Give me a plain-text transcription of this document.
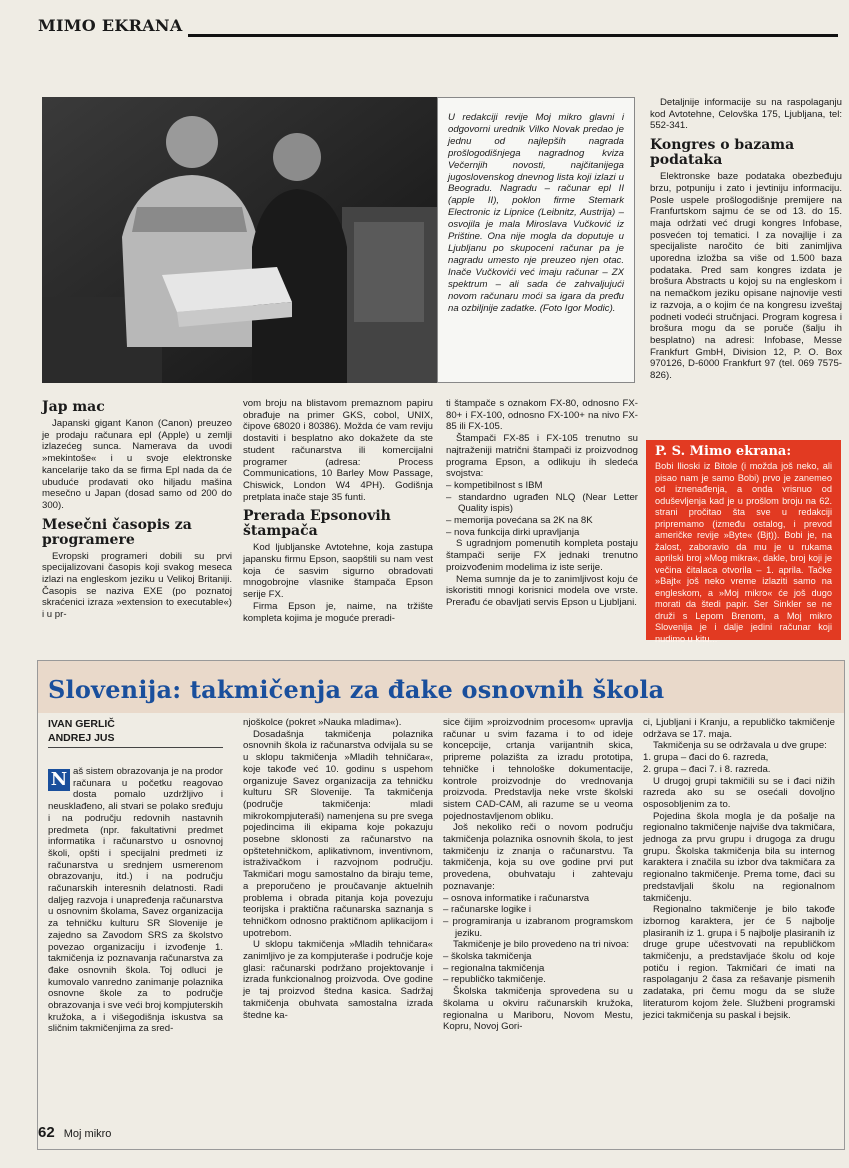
MIMO EKRANA
U redakciji revije Moj mikro glavni i odgovorni urednik Vilko Novak predao je jednu od najlepših nagrada prošlogodišnjega nagradnog kviza Večernjih novosti, najčitanijega jugoslovenskog dnevnog lista koji izlazi u Beogradu. Nagradu – računar epl II (apple II), poklon firme Stemark Electronic iz Lipnice (Leibnitz, Austrija) – osvojila je mala Miroslava Vučković iz Prištine. Ona nije mogla da doputuje u Ljubljanu po skupoceni računar pa je nagradu umesto nje preuzeo njen otac. Inače Vučkovići već imaju računar – ZX spektrum – ali sada će zahvaljujući novom računaru moći sa igara da pređu na ozbiljnije zadatke. (Foto Igor Modic).

Detaljnije informacije su na raspolaganju kod Avtotehne, Celovška 175, Ljubljana, tel: 552-341.

Kongres o bazama podataka

Elektronske baze podataka obezbeđuju brzu, potpuniju i zato i jevtiniju informaciju. Posle uspele prošlogodišnje premijere na Franfurtskom sajmu će se od 13. do 15. maja održati već drugi kongres Infobase, posvećen toj tematici. I za novajlije i za specijaliste naročito će biti zanimljiva uporedna izložba sa više od 1.500 baza podataka. Pred sam kongres izdata je brošura Abstracts u kojoj su na engleskom i na nemačkom jeziku opisane najnovije vesti iz razvoja, a o kojim će na kongresu izveštaj podneti vodeći stručnjaci. Program kogresa i brošura mogu da se poruče (šalju ih besplatno) na adresi: Infobase, Messe Frankfurt GmbH, Division 12, P. O. Box 970126, D-6000 Frankfurt 97 (tel. 069 7575-826).

Jap mac

Japanski gigant Kanon (Canon) preuzeo je prodaju računara epl (Apple) u zemlji izlazećeg sunca. Namerava da uvodi »mekintoše« i u svoje elektronske kancelarije tako da se firma Epl nada da će ubuduće prodavati oko hiljadu mašina mesečno u Japan (dosad samo od 200 do 300).

Mesečni časopis za programere

Evropski programeri dobili su prvi specijalizovani časopis koji svakog meseca izlazi na engleskom jeziku u Velikoj Britaniji. Časopis se naziva EXE (po poznatoj skraćenici izraza »extension to executable«) i u pr-

vom broju na blistavom premaznom papiru obrađuje na primer GKS, cobol, UNIX, čipove 68020 i 80386). Možda će vam reviju dostaviti i besplatno ako dokažete da ste student računarstva ili komercijalni programer (adresa: Process Communications, 10 Barley Mow Passage, Chiswick, London W4 4PH). Godišnja pretplata inače staje 35 funti.

Prerada Epsonovih štampača

Kod ljubljanske Avtotehne, koja zastupa japansku firmu Epson, saopštili su nam vest koja će sasvim sigurno obradovati mnogobrojne vlasnike štampača Epson serije FX.

Firma Epson je, naime, na tržište kompleta kojima je moguće preradi-

ti štampače s oznakom FX-80, odnosno FX-80+ i FX-100, odnosno FX-100+ na nivo FX-85 ili FX-105.

Štampači FX-85 i FX-105 trenutno su najtraženiji matrični štampači iz proizvodnog programa Epson, a odlikuju ih sledeća svojstva:

– kompetibilnost s IBM
– standardno ugrađen NLQ (Near Letter Quality ispis)
– memorija povećana sa 2K na 8K
– nova funkcija dirki upravljanja

S ugradnjom pomenutih kompleta postaju štampači serije FX jednaki trenutno proizvođenim modelima iz iste serije.

Nema sumnje da je to zanimljivost koju će iskoristiti mnogi korisnici modela ove vrste. Prerađu će obavljati servis Epson u Ljubljani.

P. S. Mimo ekrana:

Bobi Ilioski iz Bitole (i možda još neko, ali pisao nam je samo Bobi) prvo je zanemeo od iznenađenja, a onda vrisnuo od oduševljenja kad je u prošlom broju na 62. strani pročitao šta sve u redakciji pripremamo (između ostalog, i prevod američke revije »Byte« (Bjt)). Bobi je, na žalost, zaboravio da mu je u rukama aprilski broj »Mog mikra«, dakle, broj koji je večina čitalaca otvorila – 1. aprila. Tačke »Bajt« još neko vreme izlaziti samo na engleskom, a »Moj mikro« će još dugo morati da štedi papir. Ser Sinkler se ne druži s Lepom Brenom, a Moj mikro Slovenija je i dalje jedini računar koji nudimo u kitu...

Slovenija: takmičenja za đake osnovnih škola
IVAN GERLIČ
ANDREJ JUS

N aš sistem obrazovanja je na prodor računara u početku reagovao dosta pomalo uzdržljivo i neusklađeno, ali stvari se polako sređuju i na području redovnih nastavnih predmeta (npr. fakultativni predmet informatika i računarstvo u osnovnoj školi, opšti i specijalni predmeti iz računarstva u srednjem usmerenom obrazovanju, itd.) i na području računarskih interesnih delatnosti. Radi daljeg razvoja i unapređenja računarstva u osnovnim školama, Savez organizacija za tehničku kulturu SR Slovenije je zajedno sa Zavodom SRS za školstvo povezao organizaciju i izvođenje 1. takmičenja iz poznavanja računarstva za đake osnovnih škola. Toj odluci je kumovalo vanredno zanimanje polaznika osnovne škole za to područje obrazovanja i sve veći broj kompjuterskih kružoka, a i višegodišnja iskustva sa sličnim takmičenjima za sred-

njoškolce (pokret »Nauka mladima«).

Dosadašnja takmičenja polaznika osnovnih škola iz računarstva odvijala su se u sklopu takmičenja »Mladih tehničara«, koje takođe već 10. godinu s uspehom organizuje Savez organizacija za tehničku kulturu SR Slovenije. Ta takmičenja (područje takmičenja: mladi mikrokompjuteraši) namenjena su pre svega pojedincima ili ekipama koje pokazuju posebne sklonosti za računarstvo na opštetehničkom, aplikativnom, inventivnom, istraživačkom i razvojnom području. Takmičari mogu samostalno da biraju teme, a preporučeno je proučavanje aktuelnih problema i obrada pitanja koja povezuju teorijska i praktična računarska saznanja s tehničkom odnosno praktičnom aplikacijom i upotrebom.

U sklopu takmičenja »Mladih tehničara« zanimljivo je za kompjuteraše i područje koje glasi: računarski podržano projektovanje i izrada funkcionalnog proizvoda. Ove godine je taj proizvod štedna kasica. Sadržaj takmičenja obuhvata samostalna izrada štedne ka-

sice čijim »proizvodnim procesom« upravlja računar u svim fazama i to od ideje koncepcije, crtanja varijantnih skica, pripreme polazišta za izradu prototipa, tehničke i tehnološke dokumentacije, kontrole proizvodnje do vrednovanja proizvoda. Predstavlja neke vrste školski sistem CAD-CAM, ali razume se u veoma pojednostavljenom obliku.

Još nekoliko reči o novom području takmičenja polaznika osnovnih škola, to jest takmičenju iz znanja o računarstvu. Ta takmičenja, koja su ove godine prvi put provedena, obuhvataju i zahtevaju poznavanje:

– osnova informatike i računarstva
– računarske logike i
– programiranja u izabranom programskom jeziku.

Takmičenje je bilo provedeno na tri nivoa:

– školska takmičenja
– regionalna takmičenja
– republičko takmičenje.

Školska takmičenja sprovedena su u školama u okviru računarskih kružoka, regionalna u Mariboru, Novom Mestu, Kopru, Novoj Gori-

ci, Ljubljani i Kranju, a republičko takmičenje održava se 17. maja.

Takmičenja su se održavala u dve grupe:

1. grupa – đaci do 6. razreda,
2. grupa – đaci 7. i 8. razreda.

U drugoj grupi takmičili su se i đaci nižih razreda ako su se osećali dovoljno osposobljenim za to.

Pojedina škola mogla je da pošalje na regionalno takmičenje najviše dva takmičara, jednoga za prvu grupu i drugoga za drugu grupu. Školska takmičenja bila su internog karaktera i značila su izbor dva takmičara za regionalno takmičenje. Prema tome, đaci su predstavljali školu na regionalnom takmičenju.

Regionalno takmičenje je bilo takođe izbornog karaktera, jer će 5 najbolje plasiranih iz 1. grupa i 5 najbolje plasiranih iz druge grupe učestvovati na republičkom takmičenju, a predstavljaće školu od koje potiču i region. Takmičari će imati na raspolaganju 2 časa za rešavanje pismenih zadataka, pri čemu mogu da se služe literaturom kojom žele. Službeni programski jezici takmičenja su paskal i bejsik.

62 Moj mikro
